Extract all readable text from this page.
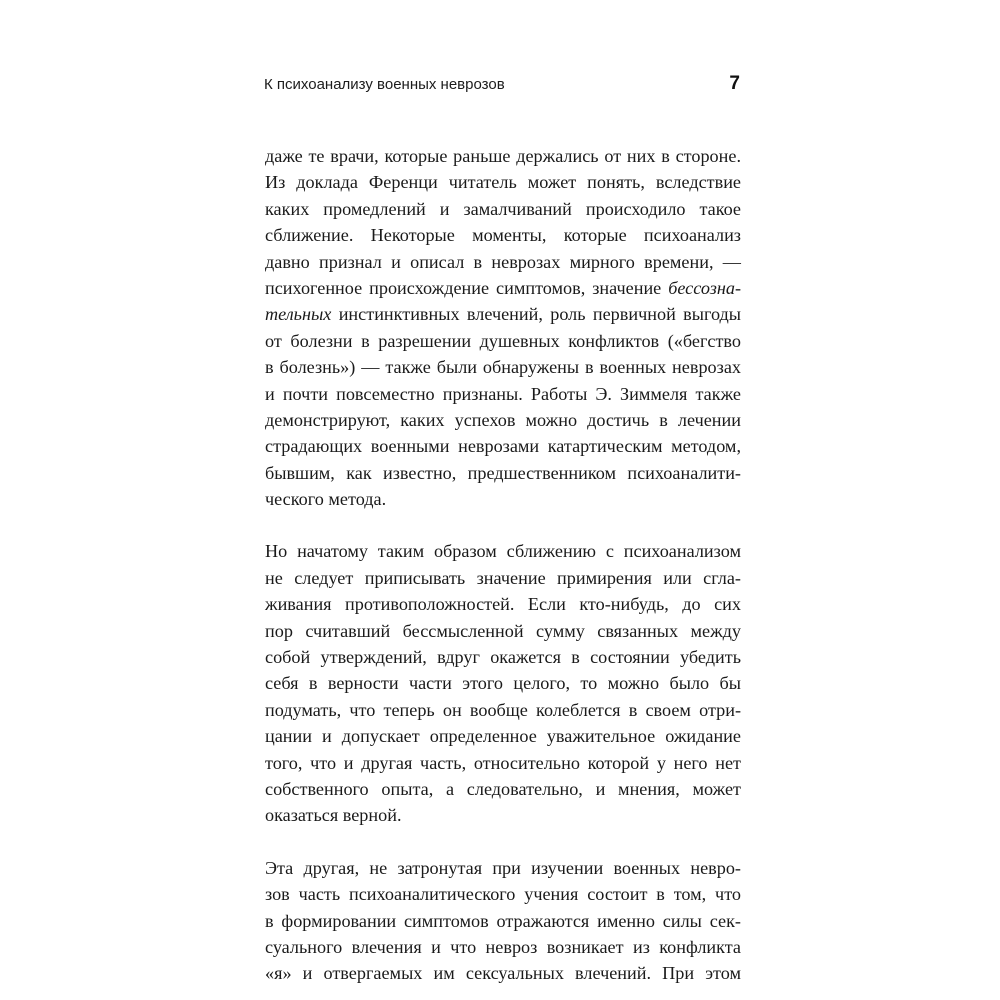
К психоанализу военных неврозов	7
даже те врачи, которые раньше держались от них в стороне.
Из доклада Ференци читатель может понять, вследствие
каких промедлений и замалчиваний происходило такое
сближение. Некоторые моменты, которые психоанализ
давно признал и описал в неврозах мирного времени, —
психогенное происхождение симптомов, значение бессозна-
тельных инстинктивных влечений, роль первичной выгоды
от болезни в разрешении душевных конфликтов («бегство
в болезнь») — также были обнаружены в военных неврозах
и почти повсеместно признаны. Работы Э. Зиммеля также
демонстрируют, каких успехов можно достичь в лечении
страдающих военными неврозами катартическим методом,
бывшим, как известно, предшественником психоаналити-
ческого метода.
Но начатому таким образом сближению с психоанализом
не следует приписывать значение примирения или сгла-
живания противоположностей. Если кто-нибудь, до сих
пор считавший бессмысленной сумму связанных между
собой утверждений, вдруг окажется в состоянии убедить
себя в верности части этого целого, то можно было бы
подумать, что теперь он вообще колеблется в своем отри-
цании и допускает определенное уважительное ожидание
того, что и другая часть, относительно которой у него нет
собственного опыта, а следовательно, и мнения, может
оказаться верной.
Эта другая, не затронутая при изучении военных невро-
зов часть психоаналитического учения состоит в том, что
в формировании симптомов отражаются именно силы сек-
суального влечения и что невроз возникает из конфликта
«я» и отвергаемых им сексуальных влечений. При этом
